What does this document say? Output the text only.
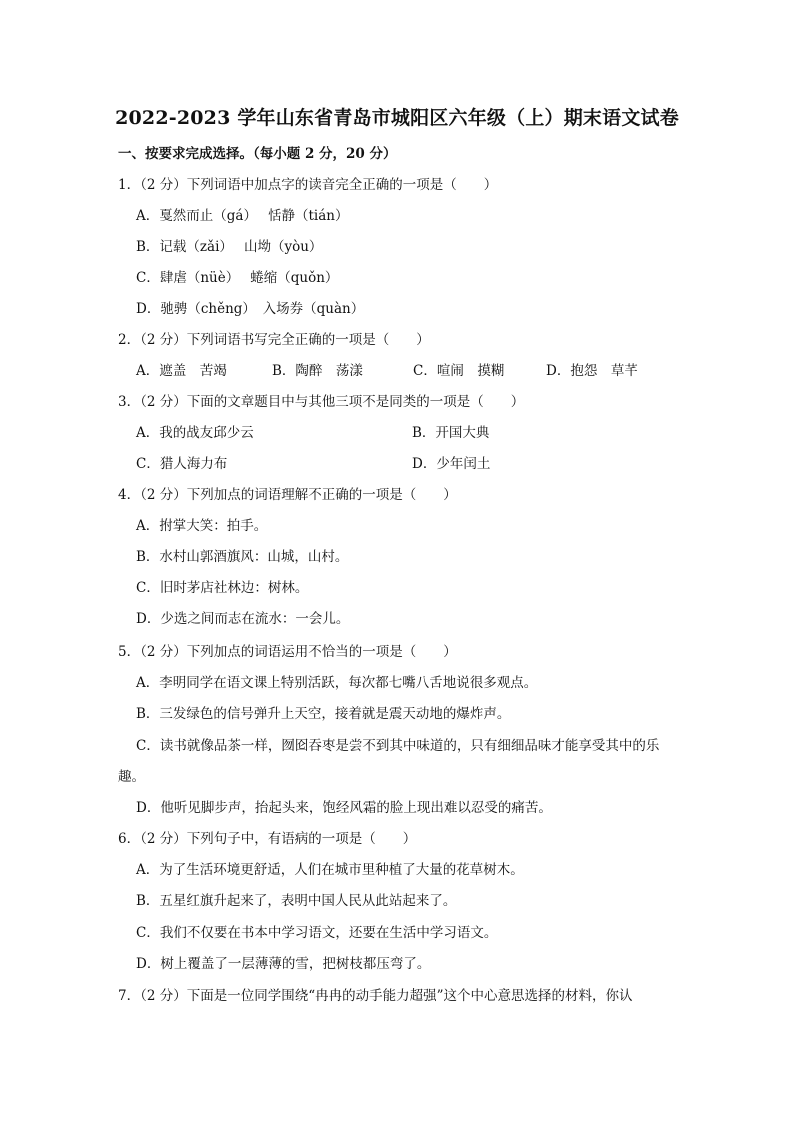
2022-2023 学年山东省青岛市城阳区六年级（上）期末语文试卷
一、按要求完成选择。（每小题 2 分，20 分）
1．（2 分）下列词语中加点字的读音完全正确的一项是（　　）
A．戛然而止（gá）　 恬静（tián）
B．记载（zǎi）　 山坳（yòu）
C．肆虐（nüè）　 蜷缩（quǒn）
D．驰骋（chěng）　入场券（quàn）
2．（2 分）下列词语书写完全正确的一项是（　　）
A．遮盖　苦竭	B．陶醉　荡漾	C．喧闹　摸糊	D．抱怨　草芊
3．（2 分）下面的文章题目中与其他三项不是同类的一项是（　　）
A．我的战友邱少云	B．开国大典
C．猎人海力布	D．少年闰土
4．（2 分）下列加点的词语理解不正确的一项是（　　）
A．拊掌大笑：拍手。
B．水村山郭酒旗风：山城，山村。
C．旧时茅店社林边：树林。
D．少选之间而志在流水：一会儿。
5．（2 分）下列加点的词语运用不恰当的一项是（　　）
A．李明同学在语文课上特别活跃，每次都七嘴八舌地说很多观点。
B．三发绿色的信号弹升上天空，接着就是震天动地的爆炸声。
C．读书就像品茶一样，囫囵吞枣是尝不到其中味道的，只有细细品味才能享受其中的乐
趣。
D．他听见脚步声，抬起头来，饱经风霜的脸上现出难以忍受的痛苦。
6．（2 分）下列句子中，有语病的一项是（　　）
A．为了生活环境更舒适，人们在城市里种植了大量的花草树木。
B．五星红旗升起来了，表明中国人民从此站起来了。
C．我们不仅要在书本中学习语文，还要在生活中学习语文。
D．树上覆盖了一层薄薄的雪，把树枝都压弯了。
7．（2 分）下面是一位同学围绕“冉冉的动手能力超强”这个中心意思选择的材料，你认
